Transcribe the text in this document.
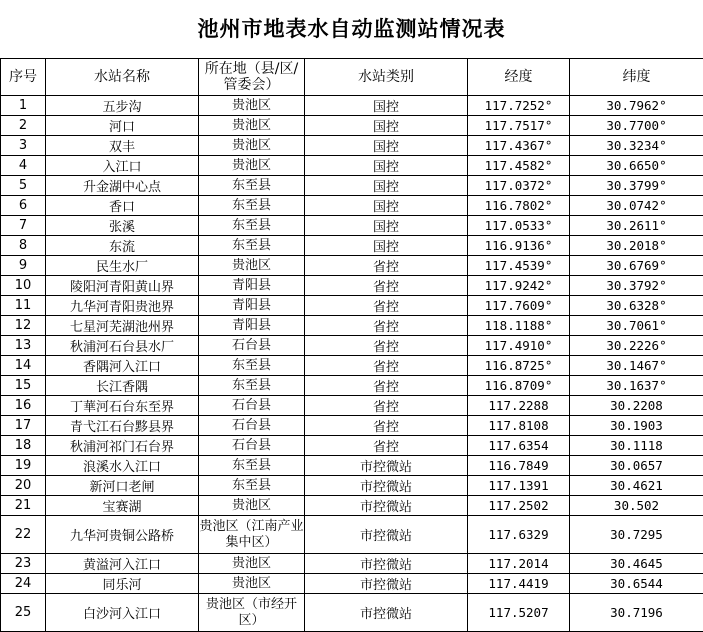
池州市地表水自动监测站情况表
序号	水站名称	所在地（县/区/管委会）	水站类别	经度	纬度
1	五步沟	贵池区	国控	117.7252°	30.7962°
2	河口	贵池区	国控	117.7517°	30.7700°
3	双丰	贵池区	国控	117.4367°	30.3234°
4	入江口	贵池区	国控	117.4582°	30.6650°
5	升金湖中心点	东至县	国控	117.0372°	30.3799°
6	香口	东至县	国控	116.7802°	30.0742°
7	张溪	东至县	国控	117.0533°	30.2611°
8	东流	东至县	国控	116.9136°	30.2018°
9	民生水厂	贵池区	省控	117.4539°	30.6769°
10	陵阳河青阳黄山界	青阳县	省控	117.9242°	30.3792°
11	九华河青阳贵池界	青阳县	省控	117.7609°	30.6328°
12	七星河芜湖池州界	青阳县	省控	118.1188°	30.7061°
13	秋浦河石台县水厂	石台县	省控	117.4910°	30.2226°
14	香隅河入江口	东至县	省控	116.8725°	30.1467°
15	长江香隅	东至县	省控	116.8709°	30.1637°
16	丁華河石台东至界	石台县	省控	117.2288	30.2208
17	青弋江石台黟县界	石台县	省控	117.8108	30.1903
18	秋浦河祁门石台界	石台县	省控	117.6354	30.1118
19	浪溪水入江口	东至县	市控微站	116.7849	30.0657
20	新河口老闸	东至县	市控微站	117.1391	30.4621
21	宝赛湖	贵池区	市控微站	117.2502	30.502
22	九华河贵铜公路桥	贵池区（江南产业集中区）	市控微站	117.6329	30.7295
23	黄溢河入江口	贵池区	市控微站	117.2014	30.4645
24	同乐河	贵池区	市控微站	117.4419	30.6544
25	白沙河入江口	贵池区（市经开区）	市控微站	117.5207	30.7196
